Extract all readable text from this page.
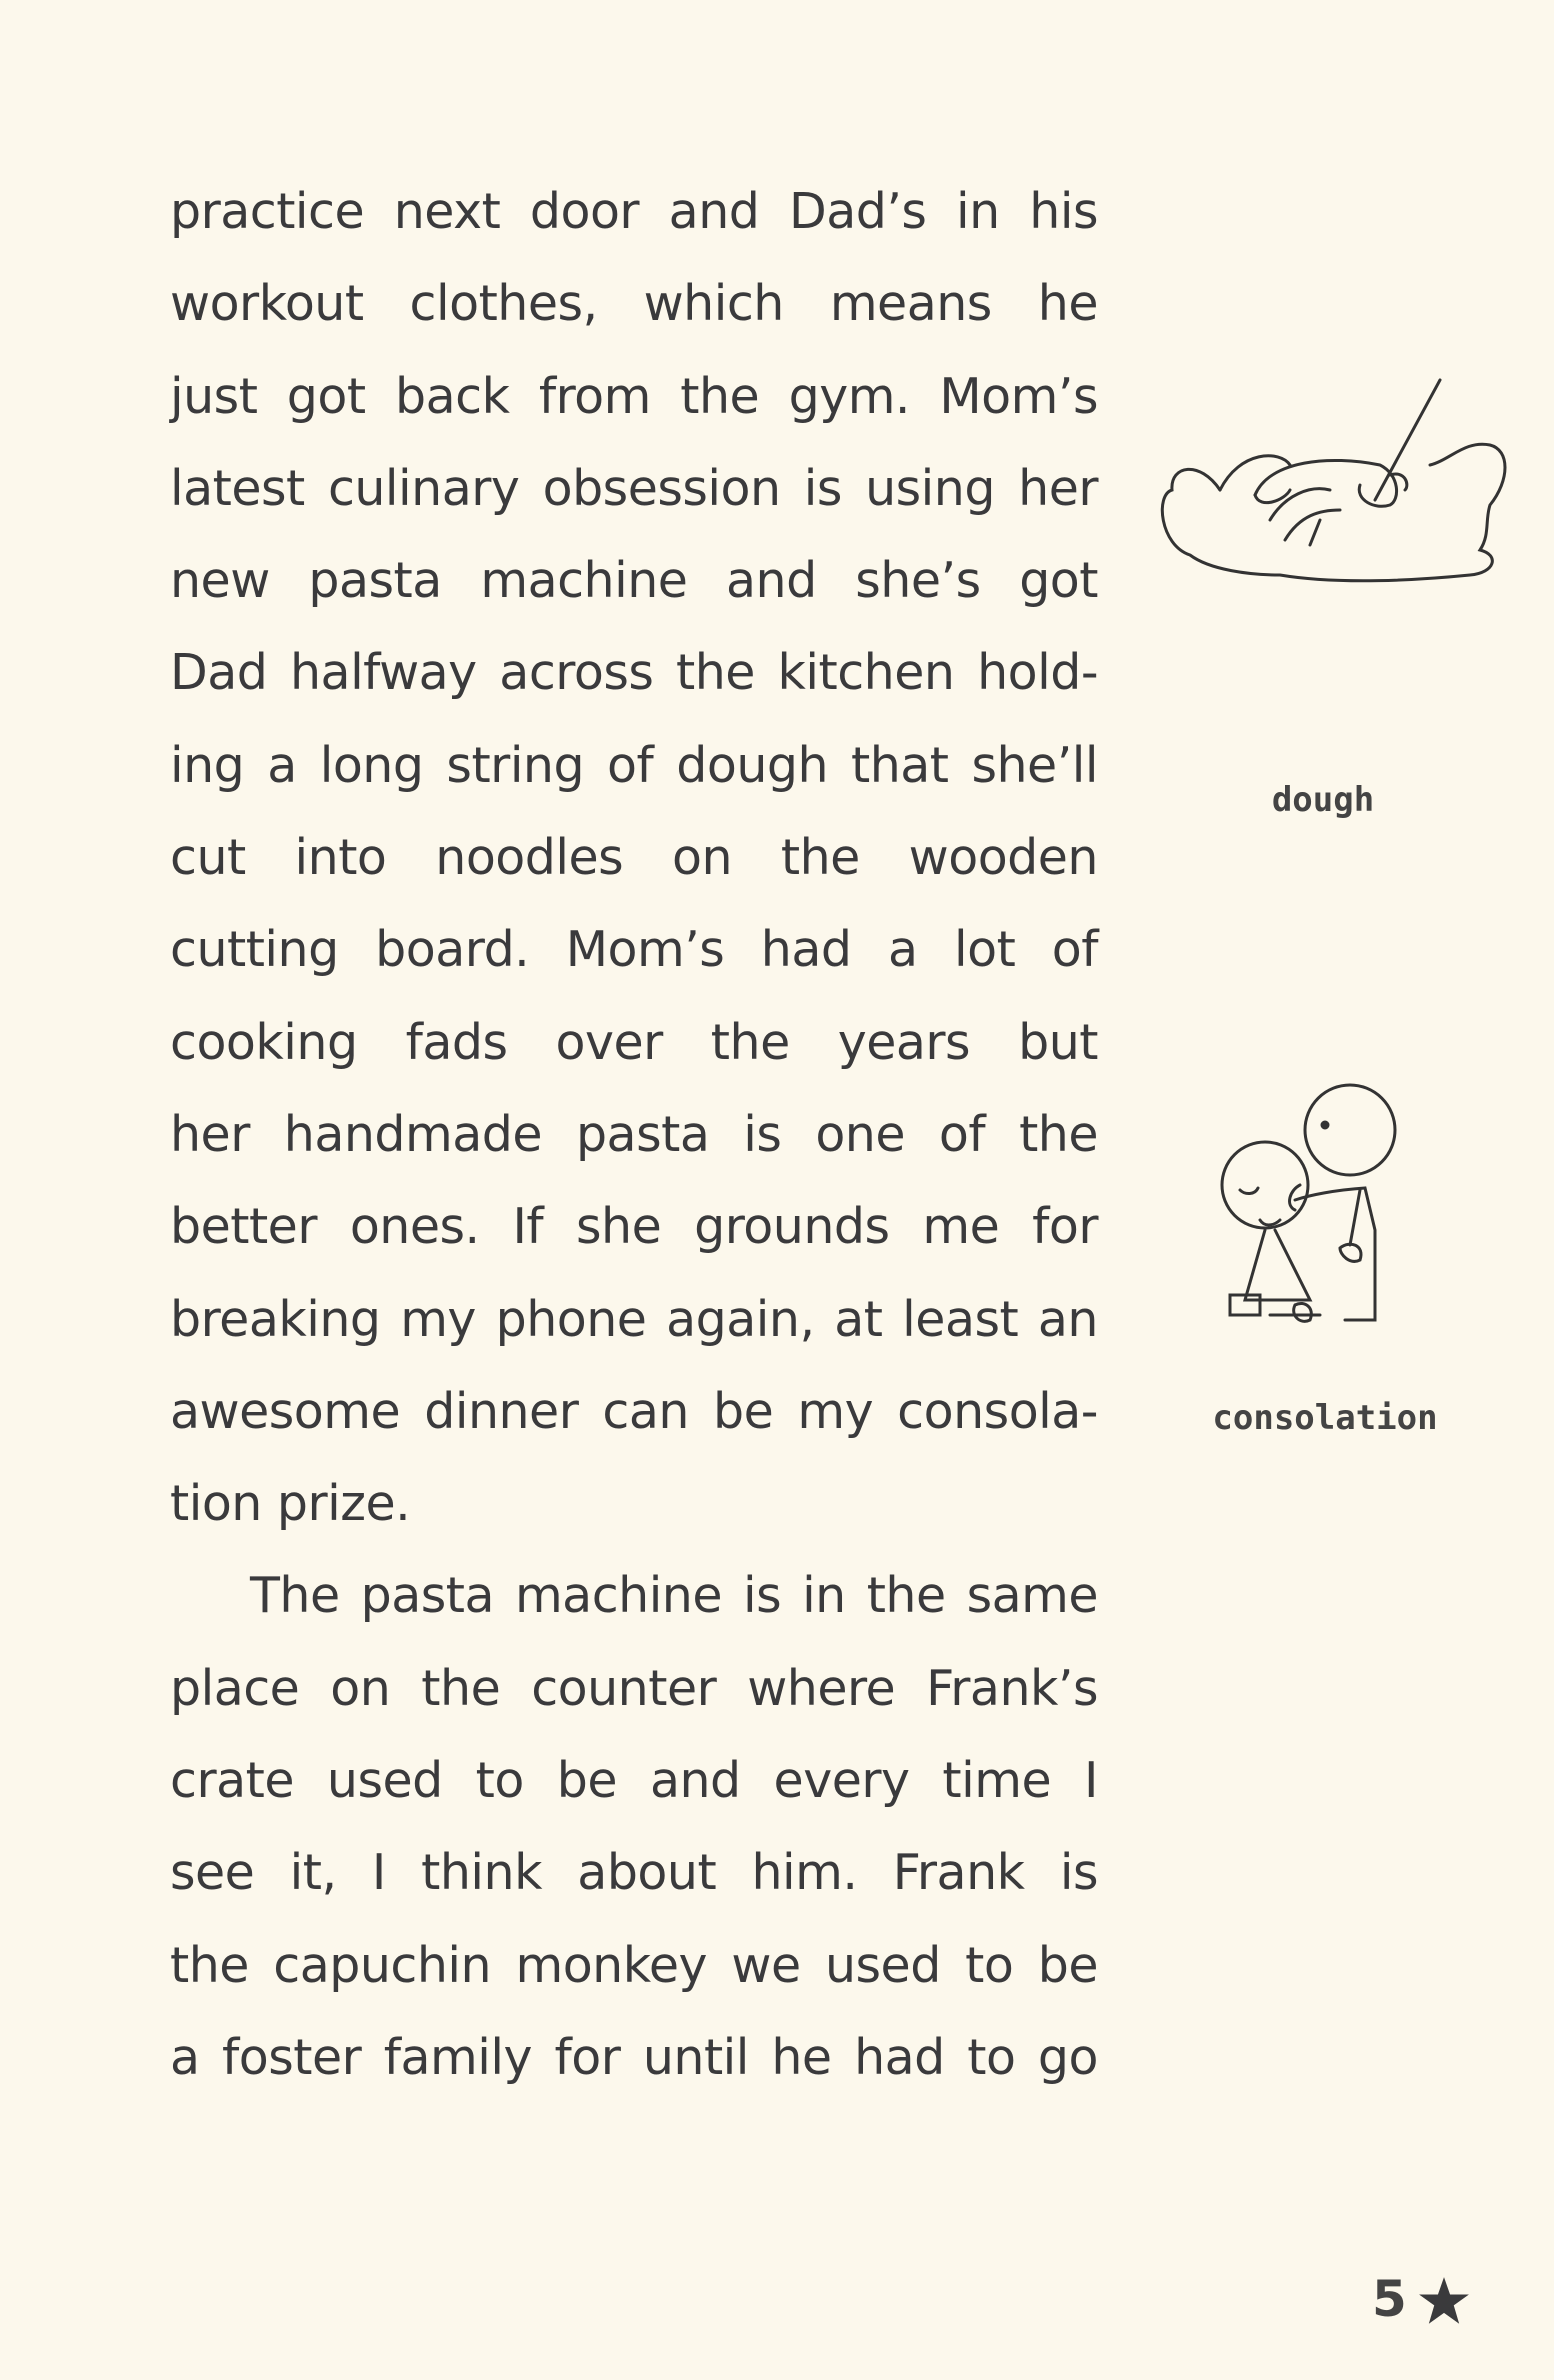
practice next door and Dad’s in his
workout clothes, which means he
just got back from the gym. Mom’s
latest culinary obsession is using her
new pasta machine and she’s got
Dad halfway across the kitchen hold-
ing a long string of dough that she’ll
cut into noodles on the wooden
cutting board. Mom’s had a lot of
cooking fads over the years but
her handmade pasta is one of the
better ones. If she grounds me for
breaking my phone again, at least an
awesome dinner can be my consola-
tion prize.
The pasta machine is in the same
place on the counter where Frank’s
crate used to be and every time I
see it, I think about him. Frank is
the capuchin monkey we used to be
a foster family for until he had to go
dough
consolation
5
